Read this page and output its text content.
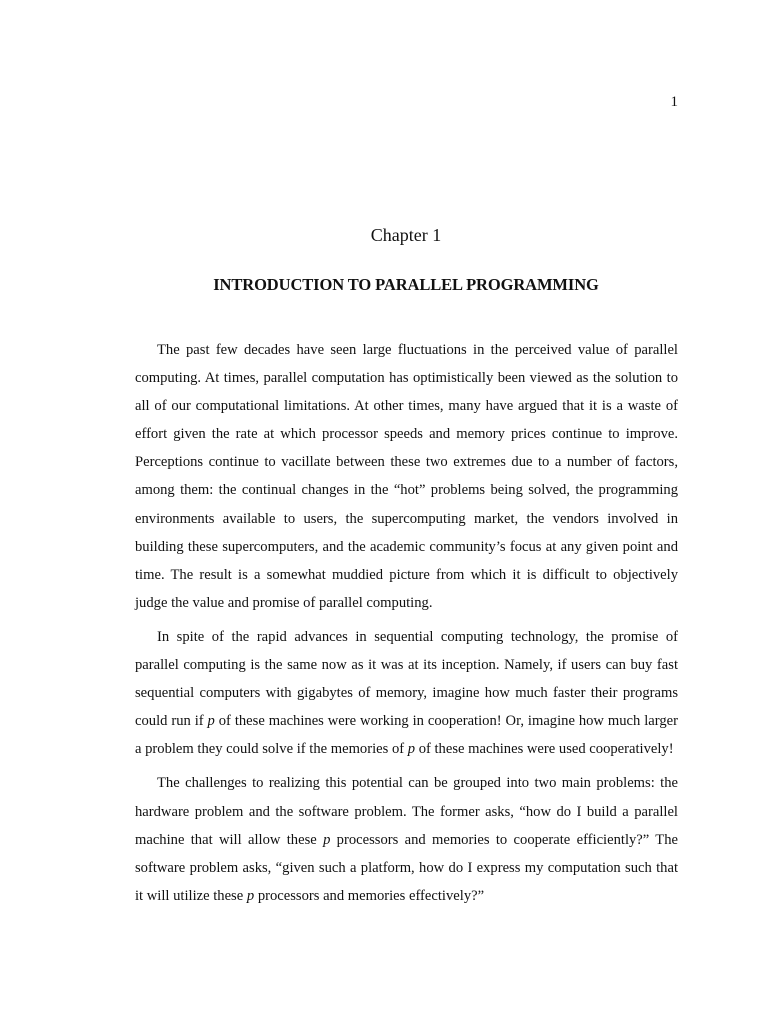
1
Chapter 1
INTRODUCTION TO PARALLEL PROGRAMMING

The past few decades have seen large fluctuations in the perceived value of parallel computing. At times, parallel computation has optimistically been viewed as the solution to all of our computational limitations. At other times, many have argued that it is a waste of effort given the rate at which processor speeds and memory prices continue to improve. Perceptions continue to vacillate between these two extremes due to a number of factors, among them: the continual changes in the “hot” problems being solved, the programming environments available to users, the supercomputing market, the vendors involved in building these supercomputers, and the academic community’s focus at any given point and time. The result is a somewhat muddied picture from which it is difficult to objectively judge the value and promise of parallel computing.

In spite of the rapid advances in sequential computing technology, the promise of parallel computing is the same now as it was at its inception. Namely, if users can buy fast sequential computers with gigabytes of memory, imagine how much faster their programs could run if p of these machines were working in cooperation! Or, imagine how much larger a problem they could solve if the memories of p of these machines were used cooperatively!

The challenges to realizing this potential can be grouped into two main problems: the hardware problem and the software problem. The former asks, “how do I build a parallel machine that will allow these p processors and memories to cooperate efficiently?” The software problem asks, “given such a platform, how do I express my computation such that it will utilize these p processors and memories effectively?”
